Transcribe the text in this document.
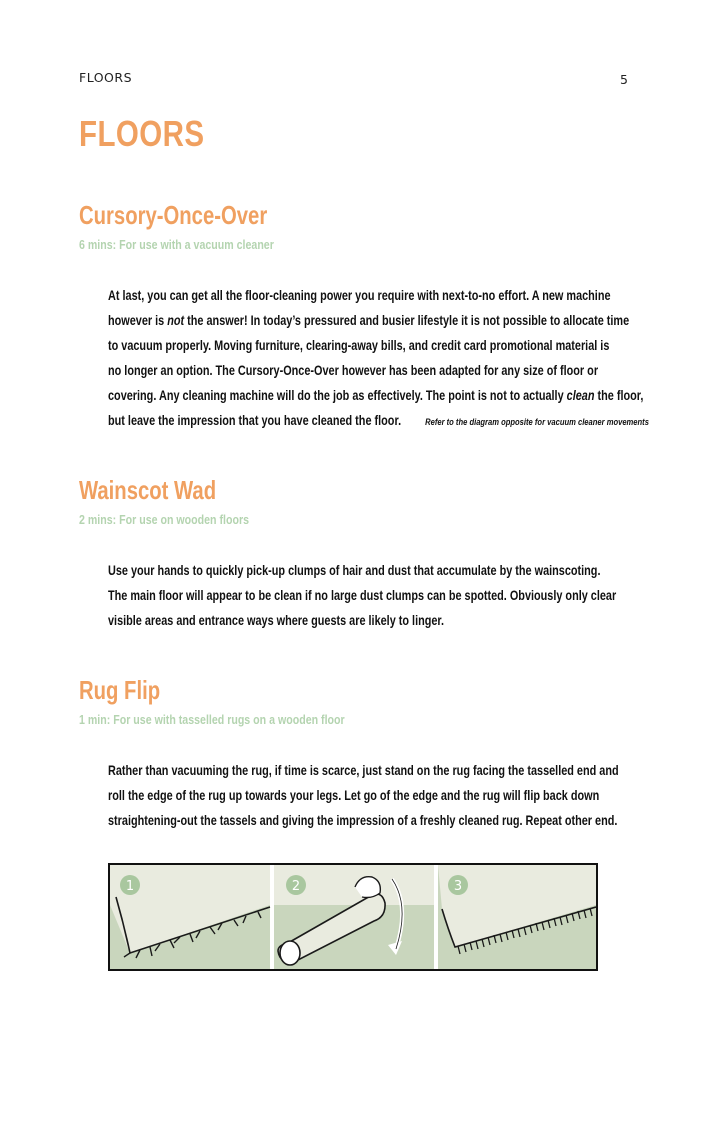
FLOORS	5
FLOORS
Cursory-Once-Over
6 mins: For use with a vacuum cleaner
At last, you can get all the floor-cleaning power you require with next-to-no effort. A new machine
however is not the answer! In today’s pressured and busier lifestyle it is not possible to allocate time
to vacuum properly. Moving furniture, clearing-away bills, and credit card promotional material is
no longer an option. The Cursory-Once-Over however has been adapted for any size of floor or
covering. Any cleaning machine will do the job as effectively. The point is not to actually clean the floor,
but leave the impression that you have cleaned the floor.	Refer to the diagram opposite for vacuum cleaner movements
Wainscot Wad
2 mins: For use on wooden floors
Use your hands to quickly pick-up clumps of hair and dust that accumulate by the wainscoting.
The main floor will appear to be clean if no large dust clumps can be spotted. Obviously only clear
visible areas and entrance ways where guests are likely to linger.
Rug Flip
1 min: For use with tasselled rugs on a wooden floor
Rather than vacuuming the rug, if time is scarce, just stand on the rug facing the tasselled end and
roll the edge of the rug up towards your legs. Let go of the edge and the rug will flip back down
straightening-out the tassels and giving the impression of a freshly cleaned rug. Repeat other end.
1	2	3
